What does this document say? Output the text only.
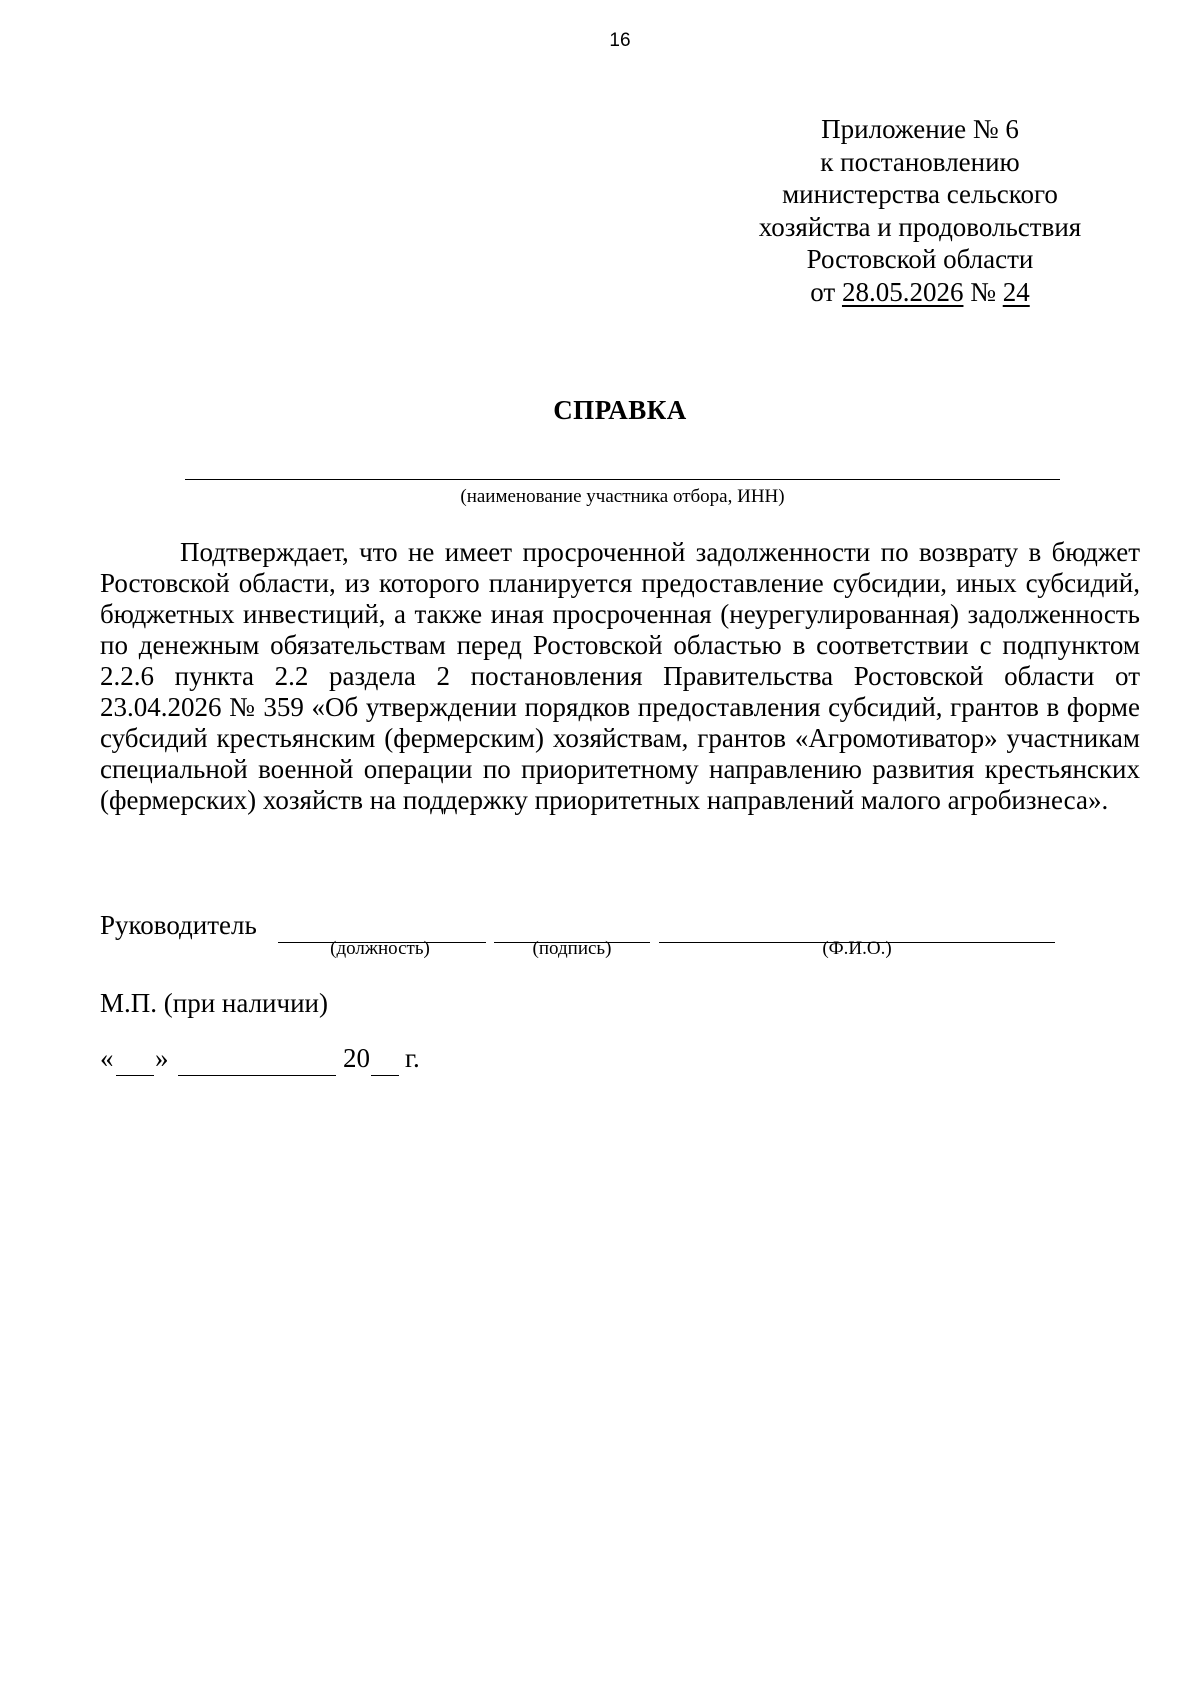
16
Приложение № 6
к постановлению
министерства сельского
хозяйства и продовольствия
Ростовской области
от 28.05.2026 № 24
СПРАВКА
(наименование участника отбора, ИНН)

Подтверждает, что не имеет просроченной задолженности по возврату в бюджет Ростовской области, из которого планируется предоставление субсидии, иных субсидий, бюджетных инвестиций, а также иная просроченная (неурегулированная) задолженность по денежным обязательствам перед Ростовской областью в соответствии с подпунктом 2.2.6 пункта 2.2 раздела 2 постановления Правительства Ростовской области от 23.04.2026 № 359 «Об утверждении порядков предоставления субсидий, грантов в форме субсидий крестьянским (фермерским) хозяйствам, грантов «Агромотиватор» участникам специальной военной операции по приоритетному направлению развития крестьянских (фермерских) хозяйств на поддержку приоритетных направлений малого агробизнеса».

Руководитель
(должность)	(подпись)	(Ф.И.О.)
М.П. (при наличии)
« »	20 г.
